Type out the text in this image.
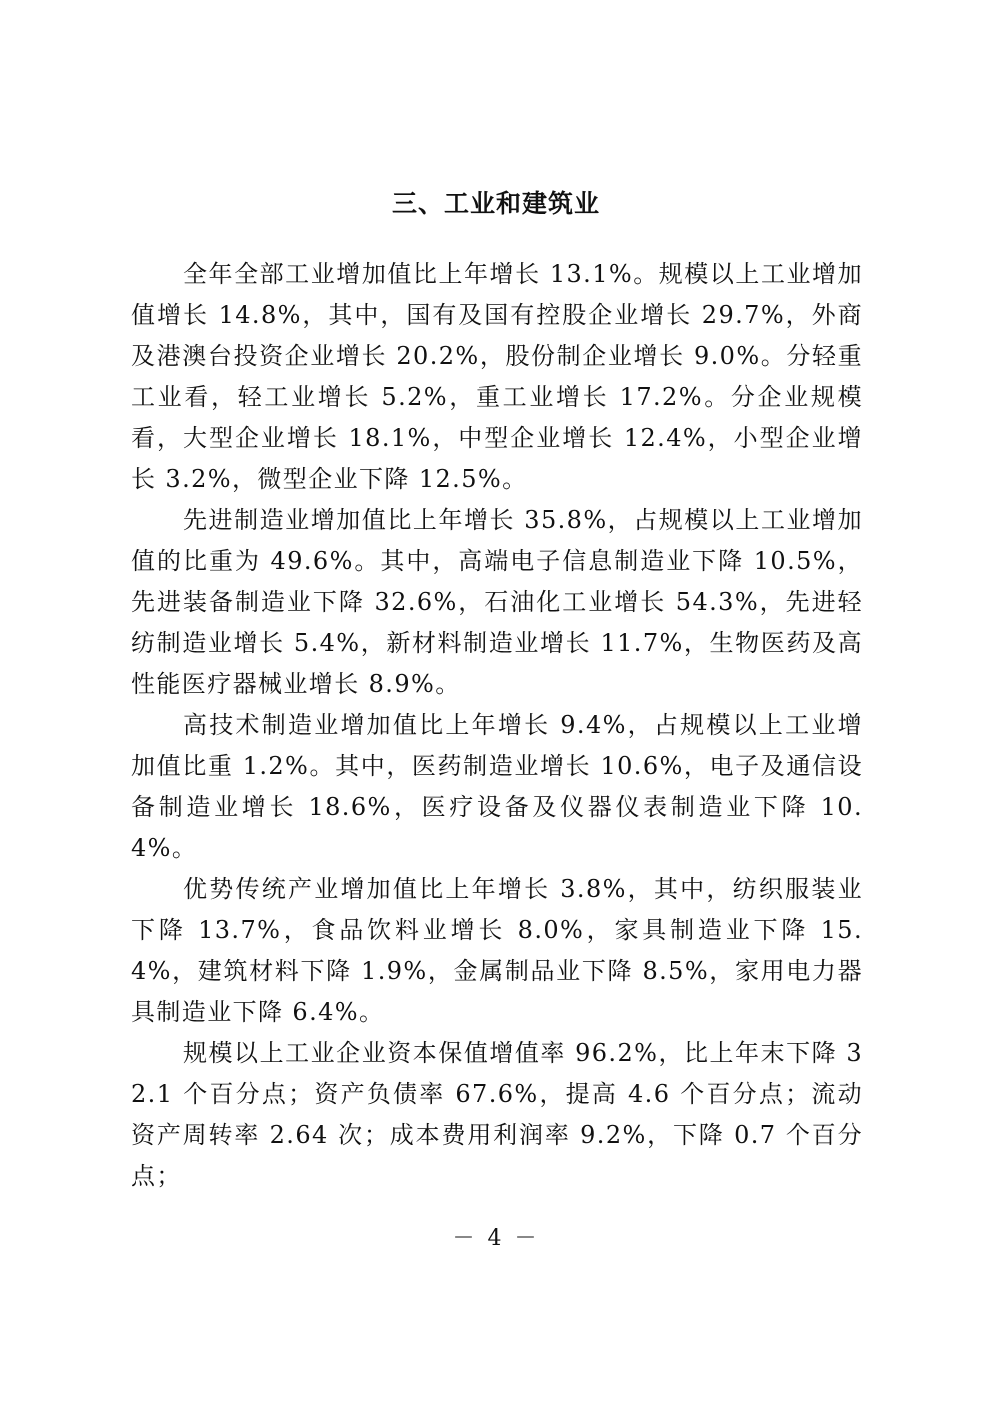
三、工业和建筑业

全年全部工业增加值比上年增长 13.1%。规模以上工业增加值增长 14.8%，其中，国有及国有控股企业增长 29.7%，外商及港澳台投资企业增长 20.2%，股份制企业增长 9.0%。分轻重工业看，轻工业增长 5.2%，重工业增长 17.2%。分企业规模看，大型企业增长 18.1%，中型企业增长 12.4%，小型企业增长 3.2%，微型企业下降 12.5%。

先进制造业增加值比上年增长 35.8%，占规模以上工业增加值的比重为 49.6%。其中，高端电子信息制造业下降 10.5%，先进装备制造业下降 32.6%，石油化工业增长 54.3%，先进轻纺制造业增长 5.4%，新材料制造业增长 11.7%，生物医药及高性能医疗器械业增长 8.9%。

高技术制造业增加值比上年增长 9.4%，占规模以上工业增加值比重 1.2%。其中，医药制造业增长 10.6%，电子及通信设备制造业增长 18.6%，医疗设备及仪器仪表制造业下降 10.4%。

优势传统产业增加值比上年增长 3.8%，其中，纺织服装业下降 13.7%，食品饮料业增长 8.0%，家具制造业下降 15.4%，建筑材料下降 1.9%，金属制品业下降 8.5%，家用电力器具制造业下降 6.4%。

规模以上工业企业资本保值增值率 96.2%，比上年末下降 32.1 个百分点；资产负债率 67.6%，提高 4.6 个百分点；流动资产周转率 2.64 次；成本费用利润率 9.2%，下降 0.7 个百分点；

－ 4 －
